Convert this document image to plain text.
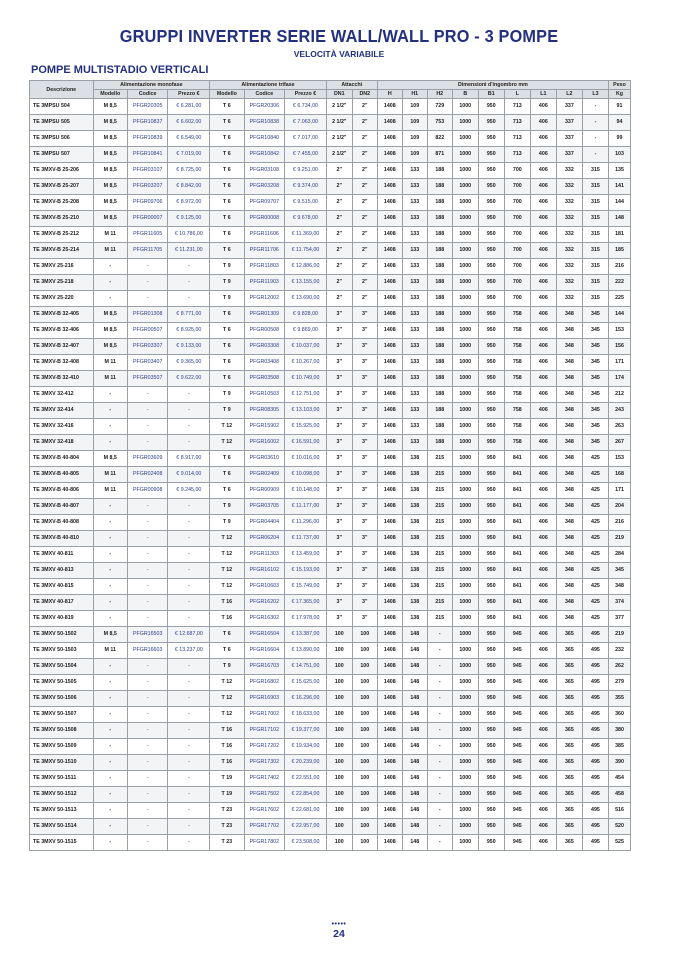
GRUPPI INVERTER SERIE WALL/WALL PRO - 3 POMPE
VELOCITÀ VARIABILE
POMPE MULTISTADIO VERTICALI
Descrizione	Alimentazione monofase			Alimentazione trifase			Attacchi		Dimensioni d'ingombro mm									Peso
	Modello	Codice	Prezzo €	Modello	Codice	Prezzo €	DN1	DN2	H	H1	H2	B	B1	L	L1	L2	L3	Kg
TE 3MPSU 504	M 8,5	PFGR20305	€ 6.281,00	T 6	PFGR20306	€ 6.734,00	2 1/2"	2"	1408	109	729	1000	950	713	406	337	-	91
TE 3MPSU 505	M 8,5	PFGR10837	€ 6.602,00	T 6	PFGR10838	€ 7.063,00	2 1/2"	2"	1408	109	753	1000	950	713	406	337	-	94
TE 3MPSU 506	M 8,5	PFGR10839	€ 6.549,00	T 6	PFGR10840	€ 7.017,00	2 1/2"	2"	1408	109	822	1000	950	713	406	337	-	99
TE 3MPSU 507	M 8,5	PFGR10841	€ 7.019,00	T 6	PFGR10842	€ 7.455,00	2 1/2"	2"	1408	109	871	1000	950	713	406	337	-	103
TE 3MXV-B 25-206	M 8,5	PFGR03107	€ 8.725,00	T 6	PFGR03108	€ 9.251,00	2"	2"	1408	133	188	1000	950	700	406	332	315	135
TE 3MXV-B 25-207	M 8,5	PFGR03207	€ 8.842,00	T 6	PFGR03208	€ 9.374,00	2"	2"	1408	133	188	1000	950	700	406	332	315	141
TE 3MXV-B 25-208	M 8,5	PFGR09706	€ 8.972,00	T 6	PFGR09707	€ 9.515,00	2"	2"	1408	133	188	1000	950	700	406	332	315	144
TE 3MXV-B 25-210	M 8,5	PFGR00007	€ 9.125,00	T 6	PFGR00008	€ 9.678,00	2"	2"	1408	133	188	1000	950	700	406	332	315	148
TE 3MXV-B 25-212	M 11	PFGR11605	€ 10.786,00	T 6	PFGR11606	€ 11.369,00	2"	2"	1408	133	188	1000	950	700	406	332	315	181
TE 3MXV-B 25-214	M 11	PFGR11705	€ 11.231,00	T 6	PFGR11706	€ 11.754,00	2"	2"	1408	133	188	1000	950	700	406	332	315	185
TE 3MXV 25-216	-	-	-	T 9	PFGR11803	€ 12.886,00	2"	2"	1408	133	188	1000	950	700	406	332	315	216
TE 3MXV 25-218	-	-	-	T 9	PFGR11903	€ 13.155,00	2"	2"	1408	133	188	1000	950	700	406	332	315	222
TE 3MXV 25-220	-	-	-	T 9	PFGR12002	€ 13.690,00	2"	2"	1408	133	188	1000	950	700	406	332	315	225
TE 3MXV-B 32-405	M 8,5	PFGR01308	€ 8.771,00	T 6	PFGR01309	€ 9.828,00	3"	3"	1408	133	188	1000	950	758	406	348	345	144
TE 3MXV-B 32-406	M 8,5	PFGR00507	€ 8.925,00	T 6	PFGR00508	€ 9.869,00	3"	3"	1408	133	188	1000	950	758	406	348	345	153
TE 3MXV-B 32-407	M 8,5	PFGR03307	€ 9.133,00	T 6	PFGR03308	€ 10.037,00	3"	3"	1408	133	188	1000	950	758	406	348	345	156
TE 3MXV-B 32-408	M 11	PFGR03407	€ 9.365,00	T 6	PFGR03408	€ 10.267,00	3"	3"	1408	133	188	1000	950	758	406	348	345	171
TE 3MXV-B 32-410	M 11	PFGR03507	€ 9.622,00	T 6	PFGR03508	€ 10.749,00	3"	3"	1408	133	188	1000	950	758	406	348	345	174
TE 3MXV 32-412	-	-	-	T 9	PFGR10503	€ 12.751,00	3"	3"	1408	133	188	1000	950	758	406	348	345	212
TE 3MXV 32-414	-	-	-	T 9	PFGR08305	€ 13.103,00	3"	3"	1408	133	188	1000	950	758	406	348	345	243
TE 3MXV 32-416	-	-	-	T 12	PFGR15902	€ 15.925,00	3"	3"	1408	133	188	1000	950	758	406	348	345	263
TE 3MXV 32-418	-	-	-	T 12	PFGR16002	€ 16.591,00	3"	3"	1408	133	188	1000	950	758	406	348	345	267
TE 3MXV-B 40-804	M 8,5	PFGR03609	€ 8.917,00	T 6	PFGR03610	€ 10.016,00	3"	3"	1408	138	215	1000	950	841	406	348	425	153
TE 3MXV-B 40-805	M 11	PFGR02408	€ 9.014,00	T 6	PFGR02409	€ 10.098,00	3"	3"	1408	138	215	1000	950	841	406	348	425	168
TE 3MXV-B 40-806	M 11	PFGR00908	€ 9.245,00	T 6	PFGR00909	€ 10.148,00	3"	3"	1408	138	215	1000	950	841	406	348	425	171
TE 3MXV-B 40-807	-	-	-	T 9	PFGR03705	€ 11.177,00	3"	3"	1408	138	215	1000	950	841	406	348	425	204
TE 3MXV-B 40-808	-	-	-	T 9	PFGR04404	€ 11.296,00	3"	3"	1408	138	215	1000	950	841	406	348	425	216
TE 3MXV-B 40-810	-	-	-	T 12	PFGR06204	€ 11.737,00	3"	3"	1408	138	215	1000	950	841	406	348	425	219
TE 3MXV 40-811	-	-	-	T 12	PFGR11303	€ 13.459,00	3"	3"	1408	138	215	1000	950	841	406	348	425	284
TE 3MXV 40-813	-	-	-	T 12	PFGR16102	€ 15.193,00	3"	3"	1408	138	215	1000	950	841	406	348	425	345
TE 3MXV 40-815	-	-	-	T 12	PFGR10603	€ 15.749,00	3"	3"	1408	138	215	1000	950	841	406	348	425	348
TE 3MXV 40-817	-	-	-	T 16	PFGR16202	€ 17.365,00	3"	3"	1408	138	215	1000	950	841	406	348	425	374
TE 3MXV 40-819	-	-	-	T 16	PFGR16302	€ 17.978,00	3"	3"	1408	138	215	1000	950	841	406	348	425	377
TE 3MXV 50-1502	M 8,5	PFGR16503	€ 12.687,00	T 6	PFGR16504	€ 13.387,00	100	100	1408	148	-	1000	950	945	406	365	495	219
TE 3MXV 50-1503	M 11	PFGR16603	€ 13.237,00	T 6	PFGR16604	€ 13.890,00	100	100	1408	148	-	1000	950	945	406	365	495	232
TE 3MXV 50-1504	-	-	-	T 9	PFGR16703	€ 14.751,00	100	100	1408	148	-	1000	950	945	406	365	495	262
TE 3MXV 50-1505	-	-	-	T 12	PFGR16802	€ 15.625,00	100	100	1408	148	-	1000	950	945	406	365	495	279
TE 3MXV 50-1506	-	-	-	T 12	PFGR16903	€ 16.296,00	100	100	1408	148	-	1000	950	945	406	365	495	355
TE 3MXV 50-1507	-	-	-	T 12	PFGR17002	€ 18.633,00	100	100	1408	148	-	1000	950	945	406	365	495	360
TE 3MXV 50-1508	-	-	-	T 16	PFGR17102	€ 19.377,00	100	100	1408	148	-	1000	950	945	406	365	495	380
TE 3MXV 50-1509	-	-	-	T 16	PFGR17202	€ 19.934,00	100	100	1408	148	-	1000	950	945	406	365	495	385
TE 3MXV 50-1510	-	-	-	T 16	PFGR17302	€ 20.239,00	100	100	1408	148	-	1000	950	945	406	365	495	390
TE 3MXV 50-1511	-	-	-	T 19	PFGR17402	€ 22.551,00	100	100	1408	148	-	1000	950	945	406	365	495	454
TE 3MXV 50-1512	-	-	-	T 19	PFGR17502	€ 22.854,00	100	100	1408	148	-	1000	950	945	406	365	495	458
TE 3MXV 50-1513	-	-	-	T 23	PFGR17602	€ 22.681,00	100	100	1408	148	-	1000	950	945	406	365	495	516
TE 3MXV 50-1514	-	-	-	T 23	PFGR17702	€ 22.957,00	100	100	1408	148	-	1000	950	945	406	365	495	520
TE 3MXV 50-1515	-	-	-	T 23	PFGR17802	€ 23.508,00	100	100	1408	148	-	1000	950	945	406	365	495	525
•••••
24
